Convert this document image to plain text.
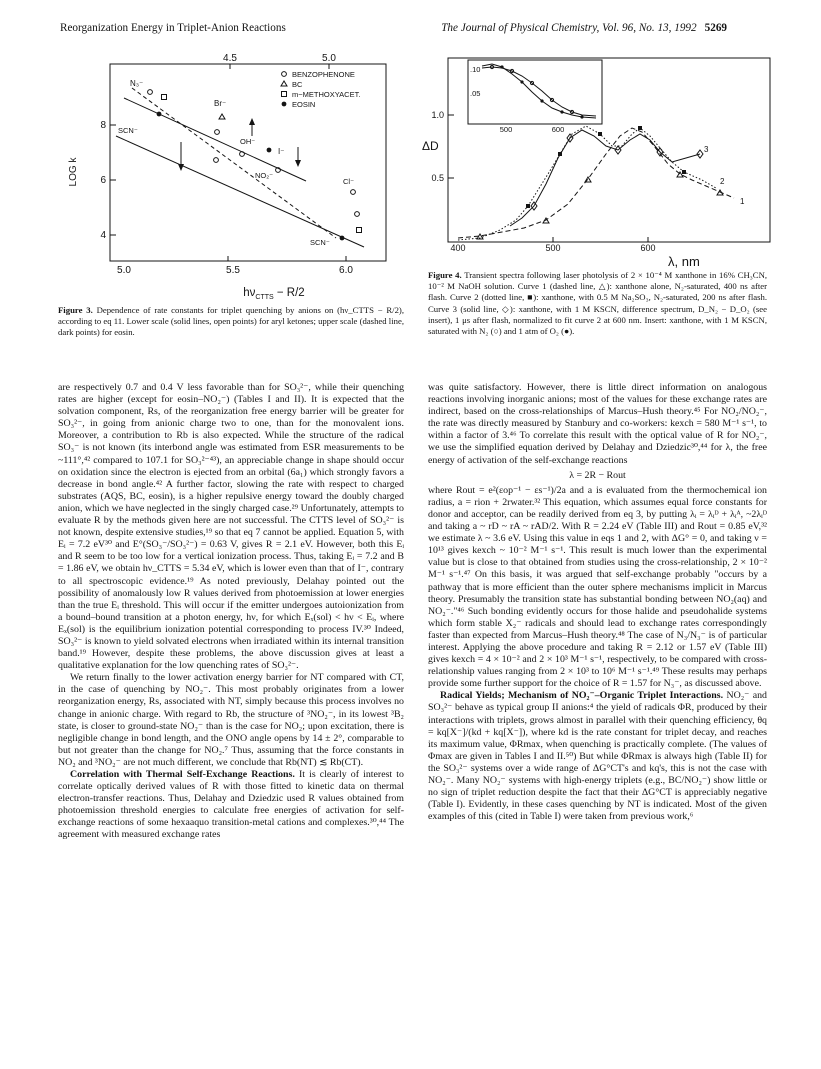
Reorganization Energy in Triplet-Anion Reactions	The Journal of Physical Chemistry, Vol. 96, No. 13, 1992 5269
4.5	5.0
5.0	5.5	6.0
8
6
4
LOG k
$h\nu_{CTTS} - R/2$
BENZOPHENONE
BC
m−METHOXYACET.
EOSIN
N₃⁻
SCN⁻
Br⁻
OH⁻
NO₂⁻
I⁻
Cl⁻
SCN⁻
Figure 3. Dependence of rate constants for triplet quenching by anions on (hν_CTTS − R/2), according to eq 11. Lower scale (solid lines, open points) for aryl ketones; upper scale (dashed line, dark points) for eosin.
ΔD
1.0
0.5
400	500	600
λ, nm
.10
.05
500	600
1
2
3
Figure 4. Transient spectra following laser photolysis of 2 × 10⁻⁴ M xanthone in 16% CH₃CN, 10⁻² M NaOH solution. Curve 1 (dashed line, △): xanthone alone, N₂-saturated, 400 ns after flash. Curve 2 (dotted line, ■): xanthone, with 0.5 M Na₂SO₃, N₂-saturated, 200 ns after flash. Curve 3 (solid line, ◇): xanthone, with 1 M KSCN, difference spectrum, D_N₂ − D_O₂ (see insert), 1 μs after flash, normalized to fit curve 2 at 600 nm. Insert: xanthone, with 1 M KSCN, saturated with N₂ (○) and 1 atm of O₂ (●).

are respectively 0.7 and 0.4 V less favorable than for SO₃²⁻, while their quenching rates are higher (except for eosin–NO₂⁻) (Tables I and II). It is expected that the solvation component, Rs, of the reorganization free energy barrier will be greater for SO₃²⁻, in going from anionic charge two to one, than for the monovalent ions. Moreover, a contribution to Rb is also expected. While the structure of the radical SO₃⁻ is not known (its interbond angle was estimated from ESR measurements to be ~111°,⁴² compared to 107.1 for SO₃²⁻⁴³), an appreciable change in shape should occur on oxidation since the electron is ejected from an orbital (6a₁) which strongly favors a decrease in bond angle.⁴² A further factor, slowing the rate with respect to charged substrates (AQS, BC, eosin), is a higher repulsive energy toward the doubly charged anion, which we have neglected in the singly charged case.²⁹ Unfortunately, attempts to evaluate R by the methods given here are not successful. The CTTS level of SO₃²⁻ is not known, despite extensive studies,¹⁹ so that eq 7 cannot be applied. Equation 5, with Eᵢ = 7.2 eV³⁰ and E°(SO₃⁻/SO₃²⁻) = 0.63 V, gives R = 2.1 eV. However, both this Eᵢ and R seem to be too low for a vertical ionization process. Thus, taking Eᵢ = 7.2 and B = 1.86 eV, we obtain hν_CTTS = 5.34 eV, which is lower even than that of I⁻, contrary to all spectroscopic evidence.¹⁹ As noted previously, Delahay pointed out the possibility of anomalously low R values derived from photoemission at lower energies than the true Eᵢ threshold. This will occur if the emitter undergoes autoionization from a bound–bound transition at a photon energy, hν, for which Eₓ(sol) < hν < Eᵢ, where Eₓ(sol) is the equilibrium ionization potential corresponding to process IV.³⁰ Indeed, SO₃²⁻ is known to yield solvated electrons when irradiated within its internal transition band.¹⁹ However, despite these problems, the above discussion gives at least a qualitative explanation for the low quenching rates of SO₃²⁻.

We return finally to the lower activation energy barrier for NT compared with CT, in the case of quenching by NO₂⁻. This most probably originates from a lower reorganization energy, Rs, associated with NT, simply because this process involves no change in anionic charge. With regard to Rb, the structure of ³NO₂⁻, in its lowest ³B₂ state, is closer to ground-state NO₂⁻ than is the case for NO₂; upon excitation, there is negligible change in bond length, and the ONO angle opens by 14 ± 2°, comparable to but not greater than the change for NO₂.⁷ Thus, assuming that the force constants in NO₂ and ³NO₂⁻ are not much different, we conclude that Rb(NT) ≲ Rb(CT).

Correlation with Thermal Self-Exchange Reactions. It is clearly of interest to correlate optically derived values of R with those fitted to kinetic data on thermal electron-transfer reactions. Thus, Delahay and Dziedzic used R values obtained from photoemission threshold energies to calculate free energies of activation for self-exchange reactions of some hexaaquo transition-metal cations and complexes.³⁰,⁴⁴ The agreement with measured exchange rates

was quite satisfactory. However, there is little direct information on analogous reactions involving inorganic anions; most of the values for these exchange rates are indirect, based on the cross-relationships of Marcus–Hush theory.⁴⁵ For NO₂/NO₂⁻, the rate was directly measured by Stanbury and co-workers: kexch = 580 M⁻¹ s⁻¹, to within a factor of 3.⁴⁶ To correlate this result with the optical value of R for NO₂⁻, we use the simplified equation derived by Delahay and Dziedzic³⁰,⁴⁴ for λ, the free energy of activation of the self-exchange reactions

λ = 2R − Rout

where Rout = e²(εop⁻¹ − εs⁻¹)/2a and a is evaluated from the thermochemical ion radius, a = rion + 2rwater.³² This equation, which assumes equal force constants for donor and acceptor, can be readily derived from eq 3, by putting λᵢ = λᵢᴰ + λᵢᴬ, ~2λᵢᴰ and taking a ~ rD ~ rA ~ rAD/2. With R = 2.24 eV (Table III) and Rout = 0.85 eV,³² we estimate λ ~ 3.6 eV. Using this value in eqs 1 and 2, with ΔG° = 0, and taking ν = 10¹³ gives kexch ~ 10⁻² M⁻¹ s⁻¹. This result is much lower than the experimental value but is close to that obtained from studies using the cross-relationship, 2 × 10⁻² M⁻¹ s⁻¹.⁴⁷ On this basis, it was argued that self-exchange probably "occurs by a pathway that is more efficient than the outer sphere mechanisms implicit in Marcus theory. Presumably the transition state has substantial bonding between NO₂(aq) and NO₂⁻."⁴⁶ Such bonding evidently occurs for those halide and pseudohalide systems which form stable X₂⁻ radicals and should lead to exchange rates correspondingly faster than expected from Marcus–Hush theory.⁴⁸ The case of N₃/N₃⁻ is of particular interest. Applying the above procedure and taking R = 2.12 or 1.57 eV (Table III) gives kexch = 4 × 10⁻² and 2 × 10³ M⁻¹ s⁻¹, respectively, to be compared with cross-relationship values ranging from 2 × 10³ to 10⁶ M⁻¹ s⁻¹.⁴⁹ These results may perhaps provide some further support for the choice of R = 1.57 for N₃⁻, as discussed above.

Radical Yields; Mechanism of NO₂⁻–Organic Triplet Interactions. NO₂⁻ and SO₃²⁻ behave as typical group II anions:⁴ the yield of radicals ΦR, produced by their interactions with triplets, grows almost in parallel with their quenching efficiency, θq = kq[X⁻]/(kd + kq[X⁻]), where kd is the rate constant for triplet decay, and reaches its maximum value, ΦRmax, when quenching is practically complete. (The values of Φmax are given in Tables I and II.⁵⁰) But while ΦRmax is always high (Table II) for the SO₃²⁻ systems over a wide range of ΔG°CT's and kq's, this is not the case with NO₂⁻. Many NO₂⁻ systems with high-energy triplets (e.g., BC/NO₂⁻) show little or no sign of triplet reduction despite the fact that their ΔG°CT is appreciably negative (Table I). Evidently, in these cases quenching by NT is indicated. Most of the given examples of this (cited in Table I) were taken from previous work,⁶
